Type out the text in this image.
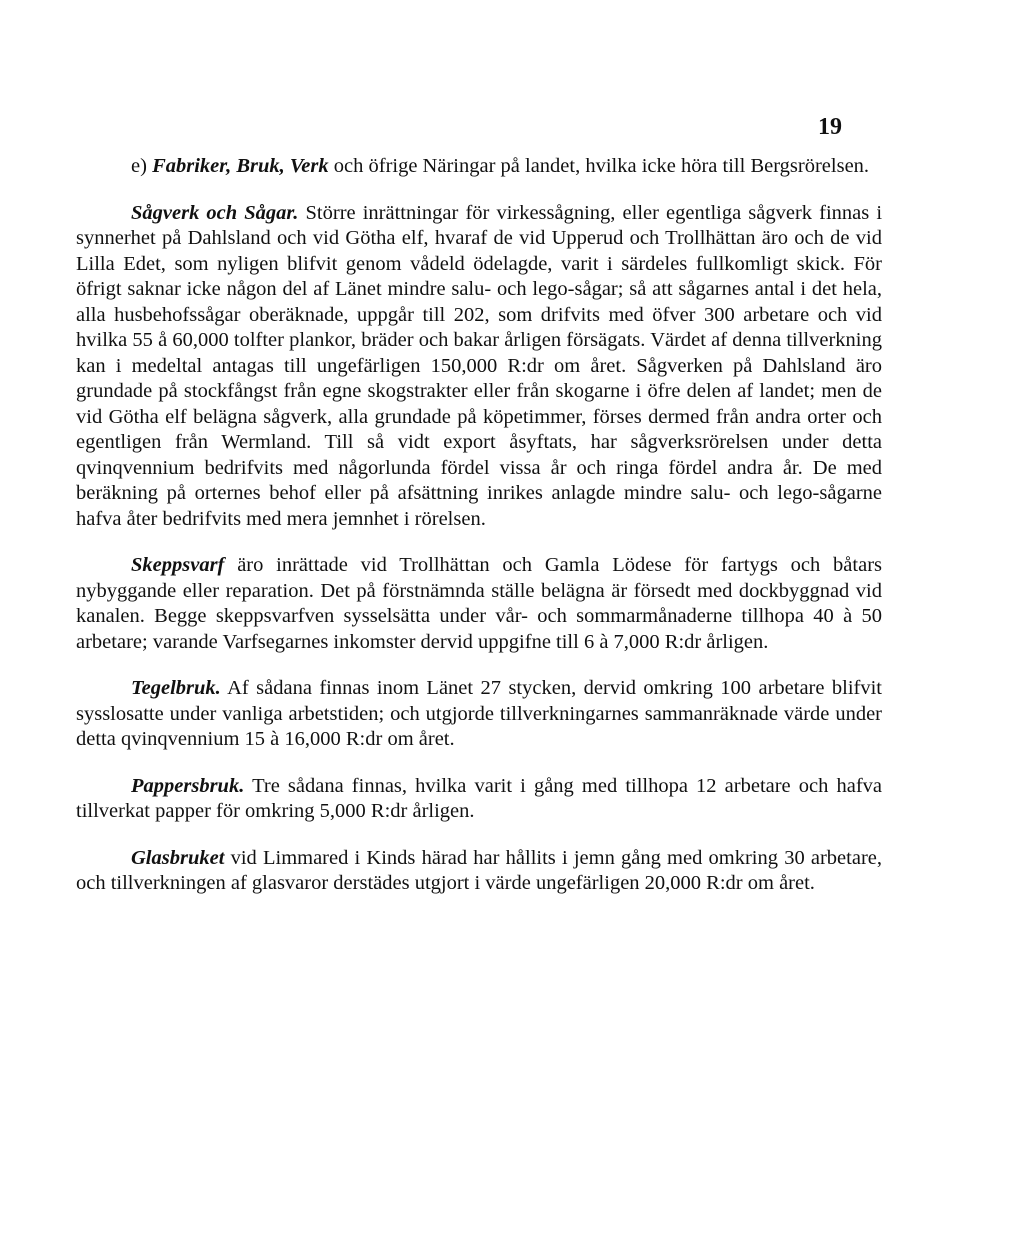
19

e) Fabriker, Bruk, Verk och öfrige Näringar på landet, hvilka icke höra till Bergsrörelsen.

Sågverk och Sågar. Större inrättningar för virkessågning, eller egentliga sågverk finnas i synnerhet på Dahlsland och vid Götha elf, hvaraf de vid Upperud och Trollhättan äro och de vid Lilla Edet, som nyligen blifvit genom vådeld ödelagde, varit i särdeles fullkomligt skick. För öfrigt saknar icke någon del af Länet mindre salu- och lego-sågar; så att sågarnes antal i det hela, alla husbehofssågar oberäknade, uppgår till 202, som drifvits med öfver 300 arbetare och vid hvilka 55 å 60,000 tolfter plankor, bräder och bakar årligen försägats. Värdet af denna tillverkning kan i medeltal antagas till ungefärligen 150,000 R:dr om året. Sågverken på Dahlsland äro grundade på stockfångst från egne skogstrakter eller från skogarne i öfre delen af landet; men de vid Götha elf belägna sågverk, alla grundade på köpetimmer, förses dermed från andra orter och egentligen från Wermland. Till så vidt export åsyftats, har sågverksrörelsen under detta qvinqvennium bedrifvits med någorlunda fördel vissa år och ringa fördel andra år. De med beräkning på orternes behof eller på afsättning inrikes anlagde mindre salu- och lego-sågarne hafva åter bedrifvits med mera jemnhet i rörelsen.

Skeppsvarf äro inrättade vid Trollhättan och Gamla Lödese för fartygs och båtars nybyggande eller reparation. Det på förstnämnda ställe belägna är försedt med dockbyggnad vid kanalen. Begge skeppsvarfven sysselsätta under vår- och sommarmånaderne tillhopa 40 à 50 arbetare; varande Varfsegarnes inkomster dervid uppgifne till 6 à 7,000 R:dr årligen.

Tegelbruk. Af sådana finnas inom Länet 27 stycken, dervid omkring 100 arbetare blifvit sysslosatte under vanliga arbetstiden; och utgjorde tillverkningarnes sammanräknade värde under detta qvinqvennium 15 à 16,000 R:dr om året.

Pappersbruk. Tre sådana finnas, hvilka varit i gång med tillhopa 12 arbetare och hafva tillverkat papper för omkring 5,000 R:dr årligen.

Glasbruket vid Limmared i Kinds härad har hållits i jemn gång med omkring 30 arbetare, och tillverkningen af glasvaror derstädes utgjort i värde ungefärligen 20,000 R:dr om året.
